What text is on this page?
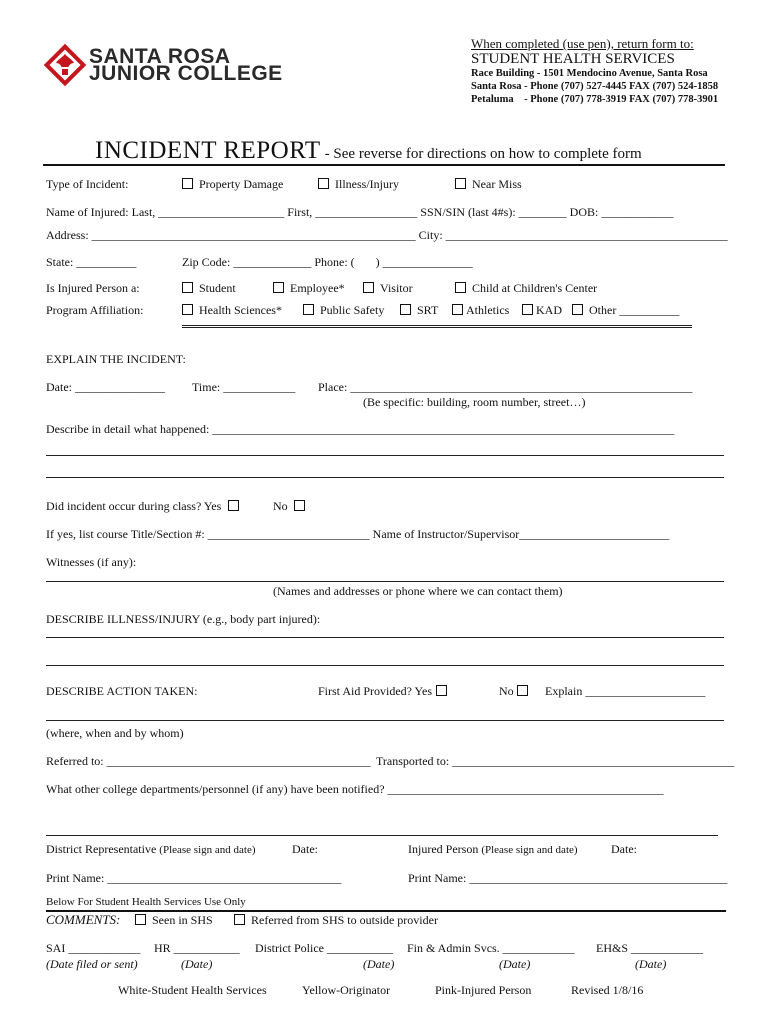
SANTA ROSA
JUNIOR COLLEGE
When completed (use pen), return form to:
STUDENT HEALTH SERVICES
Race Building - 1501 Mendocino Avenue, Santa Rosa
Santa Rosa - Phone (707) 527-4445 FAX (707) 524-1858
Petaluma    - Phone (707) 778-3919 FAX (707) 778-3901
INCIDENT REPORT - See reverse for directions on how to complete form
Type of Incident:	Property Damage	Illness/Injury	Near Miss
Name of Injured: Last, _____________________ First, _________________ SSN/SIN (last 4#s): ________ DOB: ____________
Address: ______________________________________________________ City: _______________________________________________
State: __________	Zip Code: _____________ Phone: (       ) _______________
Is Injured Person a:	Student	Employee*	Visitor	Child at Children's Center
Program Affiliation:	Health Sciences*	Public Safety	SRT	Athletics	KAD	Other __________
EXPLAIN THE INCIDENT:
Date: _______________ Time: ____________ Place: _________________________________________________________
(Be specific: building, room number, street…)
Describe in detail what happened: _____________________________________________________________________________
Did incident occur during class? Yes	No
If yes, list course Title/Section #: ___________________________ Name of Instructor/Supervisor_________________________
Witnesses (if any):
(Names and addresses or phone where we can contact them)
DESCRIBE ILLNESS/INJURY (e.g., body part injured):
DESCRIBE ACTION TAKEN:	First Aid Provided? Yes	No	Explain ____________________
(where, when and by whom)
Referred to: ____________________________________________ Transported to: _______________________________________________
What other college departments/personnel (if any) have been notified? ______________________________________________
District Representative (Please sign and date)	Date:	Injured Person (Please sign and date)	Date:
Print Name: _______________________________________	Print Name: ___________________________________________
Below For Student Health Services Use Only
COMMENTS:	Seen in SHS	Referred from SHS to outside provider
SAI ____________ HR ___________ District Police ___________ Fin & Admin Svcs. ____________ EH&S ____________
(Date filed or sent)	(Date)	(Date)	(Date)	(Date)
White-Student Health Services	Yellow-Originator	Pink-Injured Person	Revised 1/8/16
